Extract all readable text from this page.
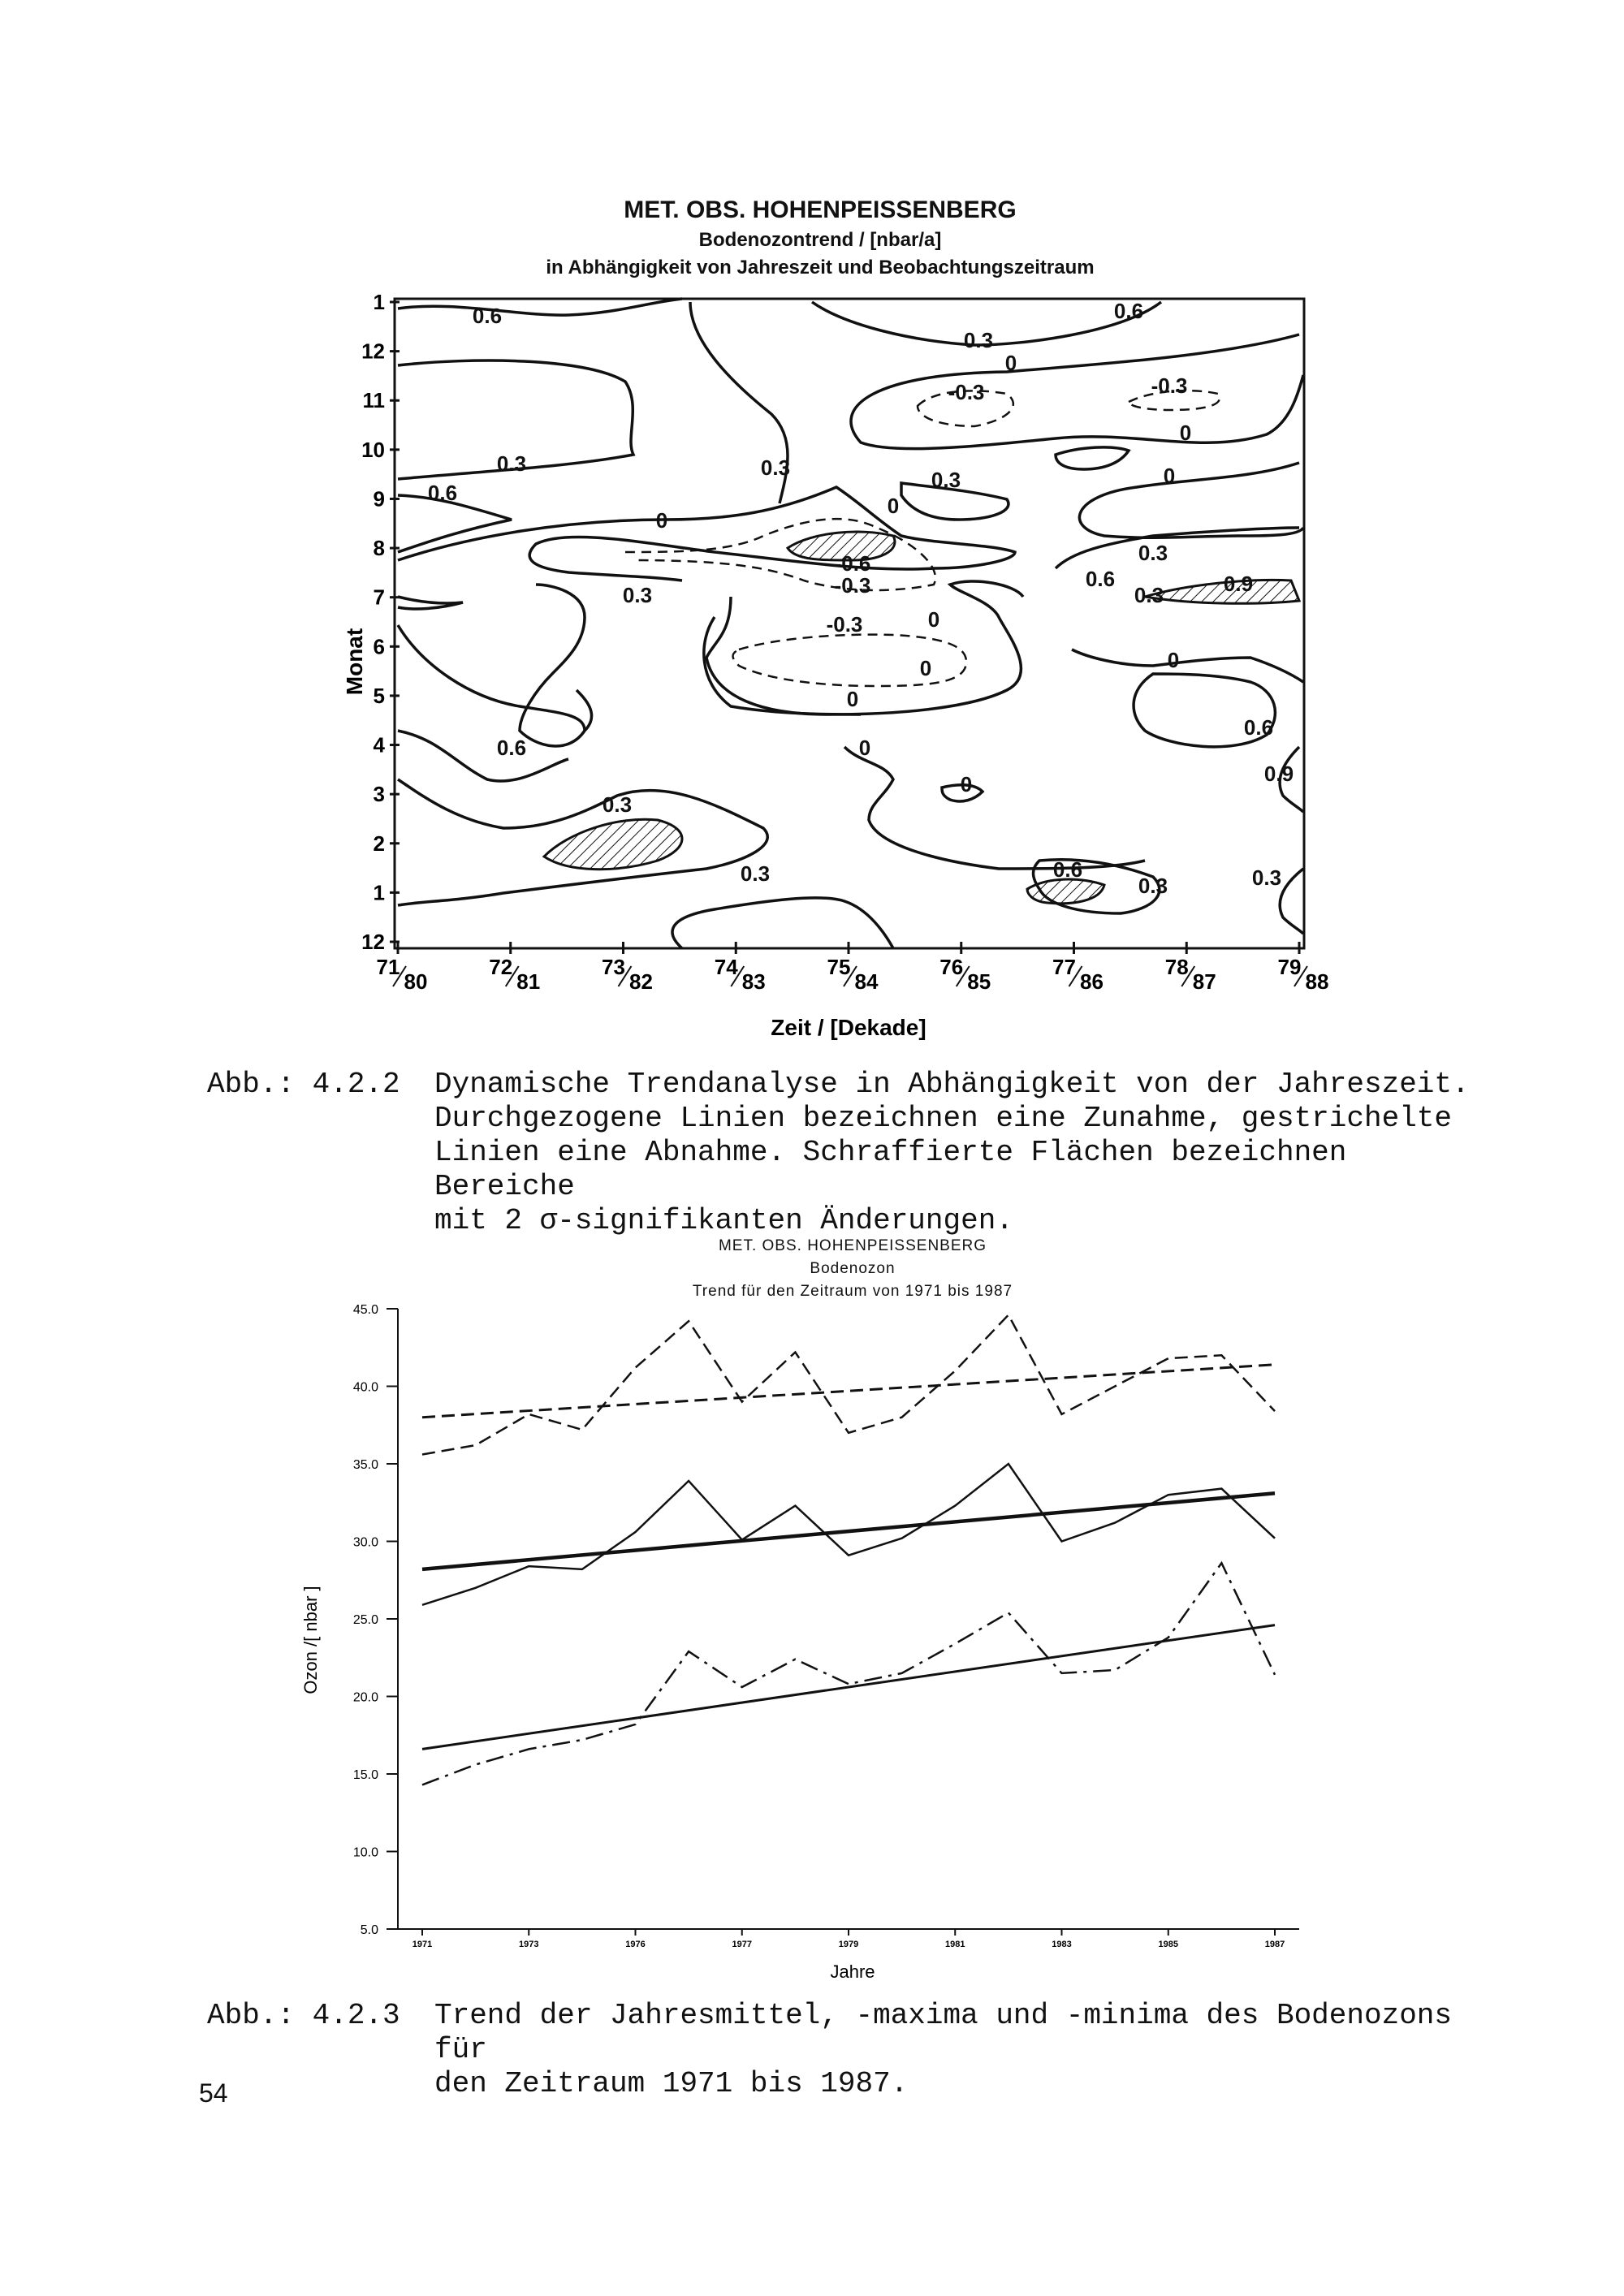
MET. OBS. HOHENPEISSENBERG
Bodenozontrend / [nbar/a]
in Abhängigkeit von Jahreszeit und Beobachtungszeitraum
1
12
11
10
9
8
7
6
5
4
3
2
1
12
Monat
71
80
72
81
73
82
74
83
75
84
76
85
77
86
78
87
79
88
Zeit / [Dekade]
0.6
0.3
0.6
0
-0.3	-0.3
0
0.3
0.6
0.3	0.3
0
0
0.3
0
0.3
-0.6
-0.3	0.6	0.9
0
0.3
0
-0.3
0
0
0.6
0.3
0
0
0.6
0.9
0.3	0.6
0.3	0.3
Abb.: 4.2.2 Dynamische Trendanalyse in Abhängigkeit von der Jahreszeit.
Durchgezogene Linien bezeichnen eine Zunahme, gestrichelte
Linien eine Abnahme. Schraffierte Flächen bezeichnen Bereiche
mit 2 σ-signifikanten Änderungen.
MET. OBS. HOHENPEISSENBERG
Bodenozon
Trend für den Zeitraum von 1971 bis 1987
45.0
40.0
35.0
30.0
25.0
20.0
15.0
10.0
5.0
1971	1973	1976	1977	1979	1981	1983	1985	1987
Ozon /[ nbar ]
Jahre
Abb.: 4.2.3 Trend der Jahresmittel, -maxima und -minima des Bodenozons für
den Zeitraum 1971 bis 1987.
54
